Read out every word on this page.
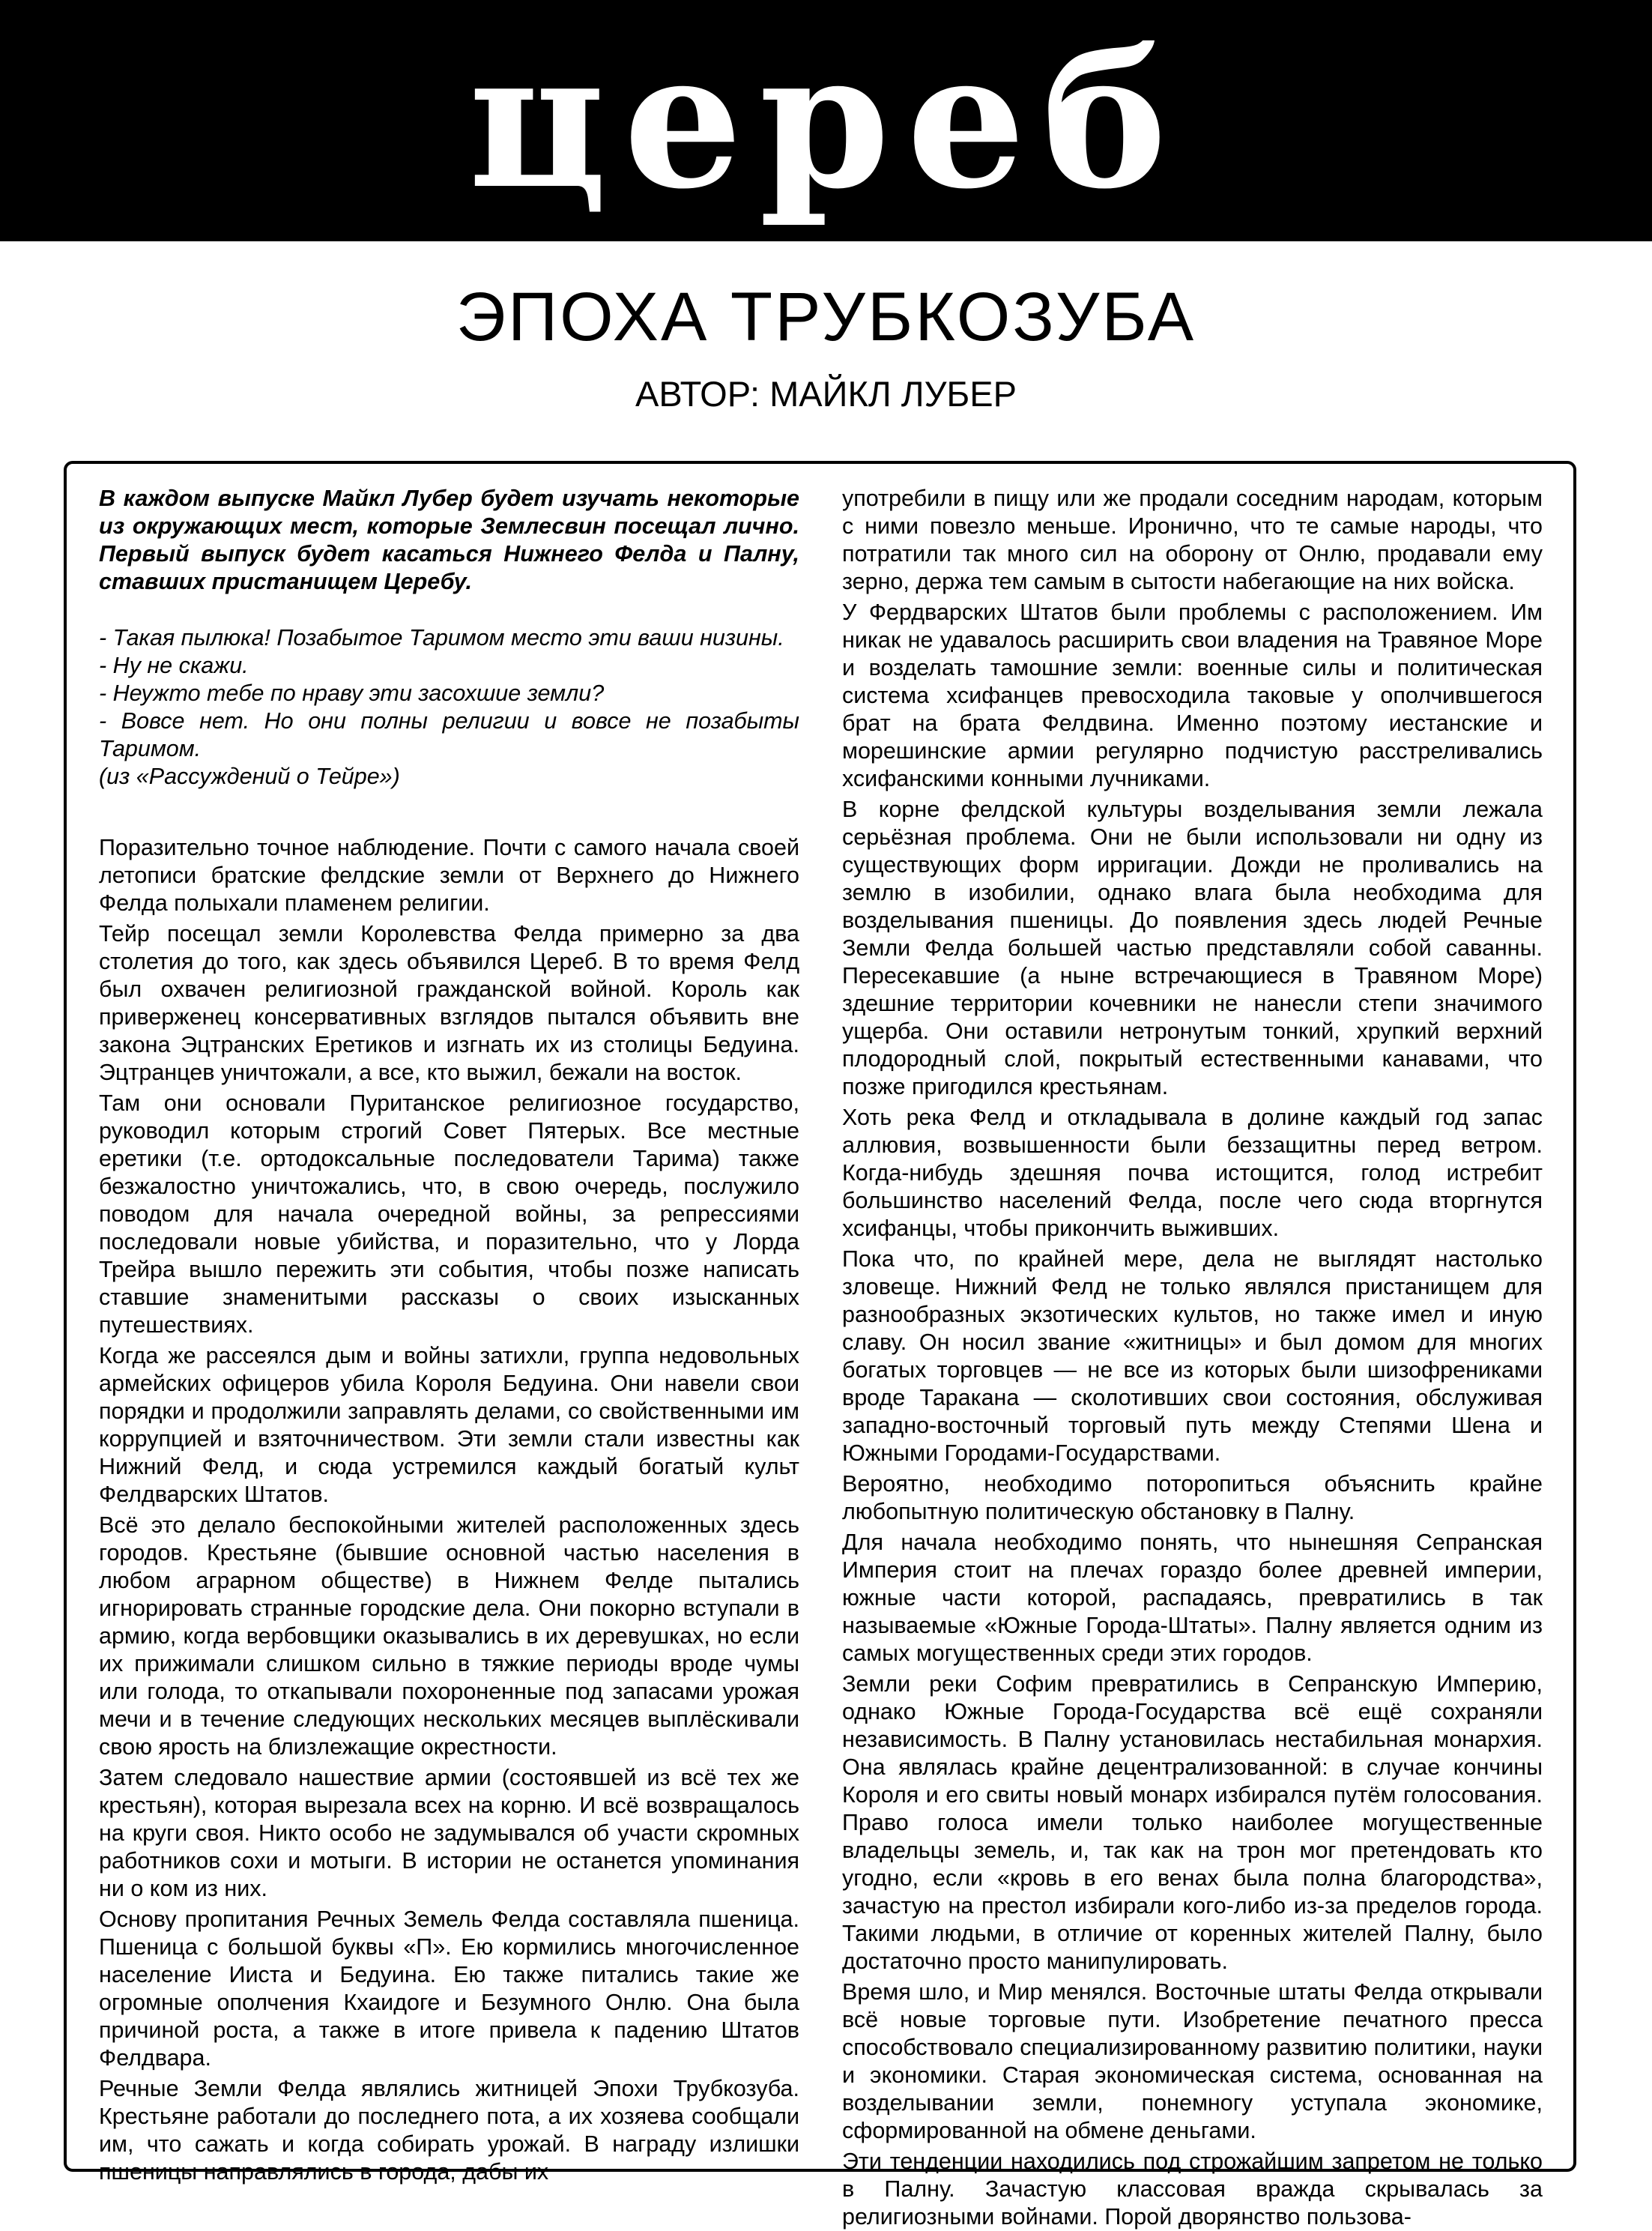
цереб
ЭПОХА ТРУБКОЗУБА
АВТОР: МАЙКЛ ЛУБЕР

В каждом выпуске Майкл Лубер будет изучать некоторые из окружающих мест, которые Землесвин посещал лично. Первый выпуск будет касаться Нижнего Фелда и Палну, ставших пристанищем Церебу.

- Такая пылюка! Позабытое Таримом место эти ваши низины.

- Ну не скажи.

- Неужто тебе по нраву эти засохшие земли?

- Вовсе нет. Но они полны религии и вовсе не позабыты Таримом.

(из «Рассуждений о Тейре»)

Поразительно точное наблюдение. Почти с самого начала своей летописи братские фелдские земли от Верхнего до Нижнего Фелда полыхали пламенем религии.

Тейр посещал земли Королевства Фелда примерно за два столетия до того, как здесь объявился Цереб. В то время Фелд был охвачен религиозной гражданской войной. Король как приверженец консервативных взглядов пытался объявить вне закона Эцтранских Еретиков и изгнать их из столицы Бедуина. Эцтранцев уничтожали, а все, кто выжил, бежали на восток.

Там они основали Пуританское религиозное государство, руководил которым строгий Совет Пятерых. Все местные еретики (т.е. ортодоксальные последователи Тарима) также безжалостно уничтожались, что, в свою очередь, послужило поводом для начала очередной войны, за репрессиями последовали новые убийства, и поразительно, что у Лорда Трейра вышло пережить эти события, чтобы позже написать ставшие знаменитыми рассказы о своих изысканных путешествиях.

Когда же рассеялся дым и войны затихли, группа недовольных армейских офицеров убила Короля Бедуина. Они навели свои порядки и продолжили заправлять делами, со свойственными им коррупцией и взяточничеством. Эти земли стали известны как Нижний Фелд, и сюда устремился каждый богатый культ Фелдварских Штатов.

Всё это делало беспокойными жителей расположенных здесь городов. Крестьяне (бывшие основной частью населения в любом аграрном обществе) в Нижнем Фелде пытались игнорировать странные городские дела. Они покорно вступали в армию, когда вербовщики оказывались в их деревушках, но если их прижимали слишком сильно в тяжкие периоды вроде чумы или голода, то откапывали похороненные под запасами урожая мечи и в течение следующих нескольких месяцев выплёскивали свою ярость на близлежащие окрестности.

Затем следовало нашествие армии (состоявшей из всё тех же крестьян), которая вырезала всех на корню. И всё возвращалось на круги своя. Никто особо не задумывался об участи скромных работников сохи и мотыги. В истории не останется упоминания ни о ком из них.

Основу пропитания Речных Земель Фелда составляла пшеница. Пшеница с большой буквы «П». Ею кормились многочисленное население Ииста и Бедуина. Ею также питались такие же огромные ополчения Кхаидоге и Безумного Онлю. Она была причиной роста, а также в итоге привела к падению Штатов Фелдвара.

Речные Земли Фелда являлись житницей Эпохи Трубкозуба. Крестьяне работали до последнего пота, а их хозяева сообщали им, что сажать и когда собирать урожай. В награду излишки пшеницы направлялись в города, дабы их

употребили в пищу или же продали соседним народам, которым с ними повезло меньше. Иронично, что те самые народы, что потратили так много сил на оборону от Онлю, продавали ему зерно, держа тем самым в сытости набегающие на них войска.

У Фердварских Штатов были проблемы с расположением. Им никак не удавалось расширить свои владения на Травяное Море и возделать тамошние земли: военные силы и политическая система хсифанцев превосходила таковые у ополчившегося брат на брата Фелдвина. Именно поэтому иестанские и морешинские армии регулярно подчистую расстреливались хсифанскими конными лучниками.

В корне фелдской культуры возделывания земли лежала серьёзная проблема. Они не были использовали ни одну из существующих форм ирригации. Дожди не проливались на землю в изобилии, однако влага была необходима для возделывания пшеницы. До появления здесь людей Речные Земли Фелда большей частью представляли собой саванны. Пересекавшие (а ныне встречающиеся в Травяном Море) здешние территории кочевники не нанесли степи значимого ущерба. Они оставили нетронутым тонкий, хрупкий верхний плодородный слой, покрытый естественными канавами, что позже пригодился крестьянам.

Хоть река Фелд и откладывала в долине каждый год запас аллювия, возвышенности были беззащитны перед ветром. Когда-нибудь здешняя почва истощится, голод истребит большинство населений Фелда, после чего сюда вторгнутся хсифанцы, чтобы прикончить выживших.

Пока что, по крайней мере, дела не выглядят настолько зловеще. Нижний Фелд не только являлся пристанищем для разнообразных экзотических культов, но также имел и иную славу. Он носил звание «житницы» и был домом для многих богатых торговцев — не все из которых были шизофрениками вроде Таракана — сколотивших свои состояния, обслуживая западно-восточный торговый путь между Степями Шена и Южными Городами-Государствами.

Вероятно, необходимо поторопиться объяснить крайне любопытную политическую обстановку в Палну.

Для начала необходимо понять, что нынешняя Сепранская Империя стоит на плечах гораздо более древней империи, южные части которой, распадаясь, превратились в так называемые «Южные Города-Штаты». Палну является одним из самых могущественных среди этих городов.

Земли реки Софим превратились в Сепранскую Империю, однако Южные Города-Государства всё ещё сохраняли независимость. В Палну установилась нестабильная монархия. Она являлась крайне децентрализованной: в случае кончины Короля и его свиты новый монарх избирался путём голосования. Право голоса имели только наиболее могущественные владельцы земель, и, так как на трон мог претендовать кто угодно, если «кровь в его венах была полна благородства», зачастую на престол избирали кого-либо из-за пределов города. Такими людьми, в отличие от коренных жителей Палну, было достаточно просто манипулировать.

Время шло, и Мир менялся. Восточные штаты Фелда открывали всё новые торговые пути. Изобретение печатного пресса способствовало специализированному развитию политики, науки и экономики. Старая экономическая система, основанная на возделывании земли, понемногу уступала экономике, сформированной на обмене деньгами.

Эти тенденции находились под строжайшим запретом не только в Палну. Зачастую классовая вражда скрывалась за религиозными войнами. Порой дворянство пользова-
